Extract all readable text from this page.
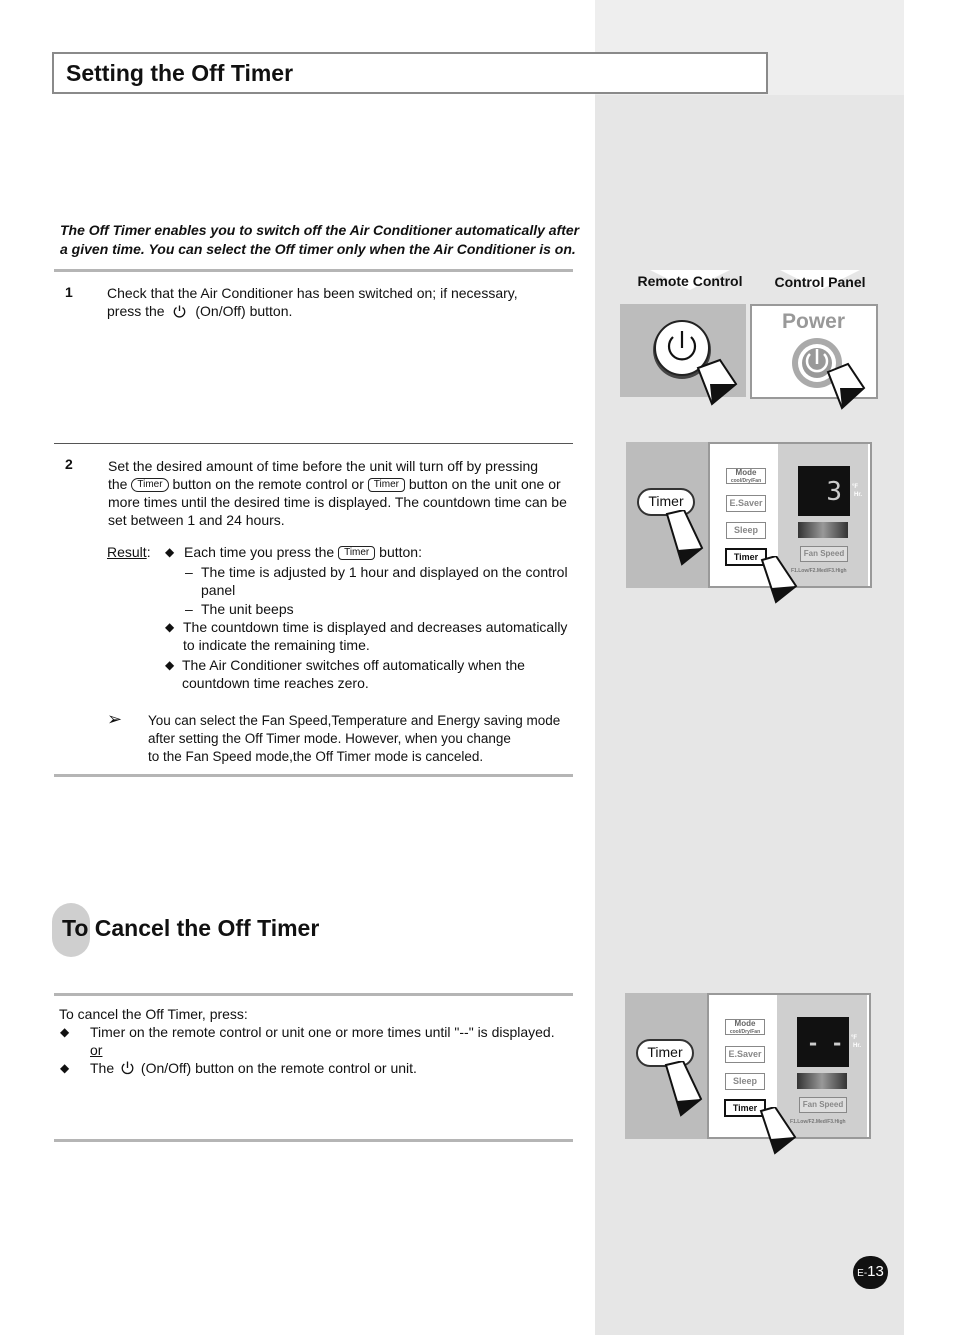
Setting the Off Timer
The Off Timer enables you to switch off the Air Conditioner automatically after
a given time. You can select the Off timer only when the Air Conditioner is on.
1 Check that the Air Conditioner has been switched on; if necessary,
press the (On/Off) button.
2	Set the desired amount of time before the unit will turn off by pressing
the Timer button on the remote control or Timer button on the unit one or
more times until the desired time is displayed. The countdown time can be
set between 1 and 24 hours.
Result: ◆ Each time you press the Timer button:
– The time is adjusted by 1 hour and displayed on the control
panel
– The unit beeps
◆ The countdown time is displayed and decreases automatically
to indicate the remaining time.
◆ The Air Conditioner switches off automatically when the
countdown time reaches zero.
➢ You can select the Fan Speed,Temperature and Energy saving mode
after setting the Off Timer mode. However, when you change
to the Fan Speed mode,the Off Timer mode is canceled.
To Cancel the Off Timer
To cancel the Off Timer, press:
◆ Timer on the remote control or unit one or more times until "--" is displayed.
or
◆ The (On/Off) button on the remote control or unit.
Remote Control	Control Panel
Power
Timer
Mode
cool/Dry/Fan
E.Saver
Sleep
Timer
3 °F
Hr.
Fan Speed
F1.Low/F2.Med/F3.High
Timer
Mode
cool/Dry/Fan
E.Saver
Sleep
Timer
- - °F
Hr.
Fan Speed
F1.Low/F2.Med/F3.High
E-13
